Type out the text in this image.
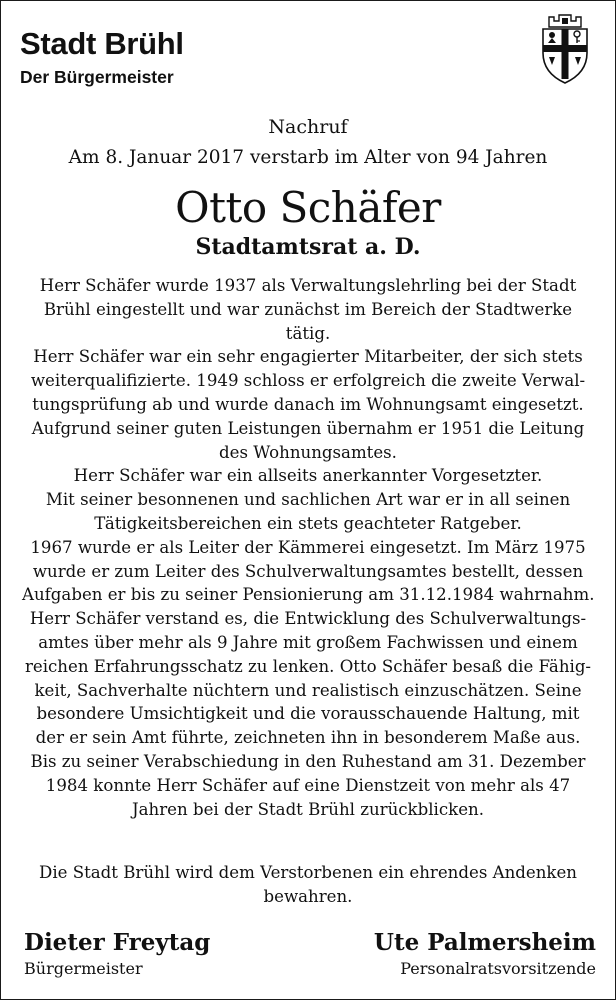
Stadt Brühl
Der Bürgermeister
Nachruf
Am 8. Januar 2017 verstarb im Alter von 94 Jahren
Otto Schäfer
Stadtamtsrat a. D.
Herr Schäfer wurde 1937 als Verwaltungslehrling bei der Stadt
Brühl eingestellt und war zunächst im Bereich der Stadtwerke
tätig.
Herr Schäfer war ein sehr engagierter Mitarbeiter, der sich stets
weiterqualifizierte. 1949 schloss er erfolgreich die zweite Verwal-
tungsprüfung ab und wurde danach im Wohnungsamt eingesetzt.
Aufgrund seiner guten Leistungen übernahm er 1951 die Leitung
des Wohnungsamtes.
Herr Schäfer war ein allseits anerkannter Vorgesetzter.
Mit seiner besonnenen und sachlichen Art war er in all seinen
Tätigkeitsbereichen ein stets geachteter Ratgeber.
1967 wurde er als Leiter der Kämmerei eingesetzt. Im März 1975
wurde er zum Leiter des Schulverwaltungsamtes bestellt, dessen
Aufgaben er bis zu seiner Pensionierung am 31.12.1984 wahrnahm.
Herr Schäfer verstand es, die Entwicklung des Schulverwaltungs-
amtes über mehr als 9 Jahre mit großem Fachwissen und einem
reichen Erfahrungsschatz zu lenken. Otto Schäfer besaß die Fähig-
keit, Sachverhalte nüchtern und realistisch einzuschätzen. Seine
besondere Umsichtigkeit und die vorausschauende Haltung, mit
der er sein Amt führte, zeichneten ihn in besonderem Maße aus.
Bis zu seiner Verabschiedung in den Ruhestand am 31. Dezember
1984 konnte Herr Schäfer auf eine Dienstzeit von mehr als 47
Jahren bei der Stadt Brühl zurückblicken.
Die Stadt Brühl wird dem Verstorbenen ein ehrendes Andenken
bewahren.
Dieter Freytag
Bürgermeister
Ute Palmersheim
Personalratsvorsitzende
